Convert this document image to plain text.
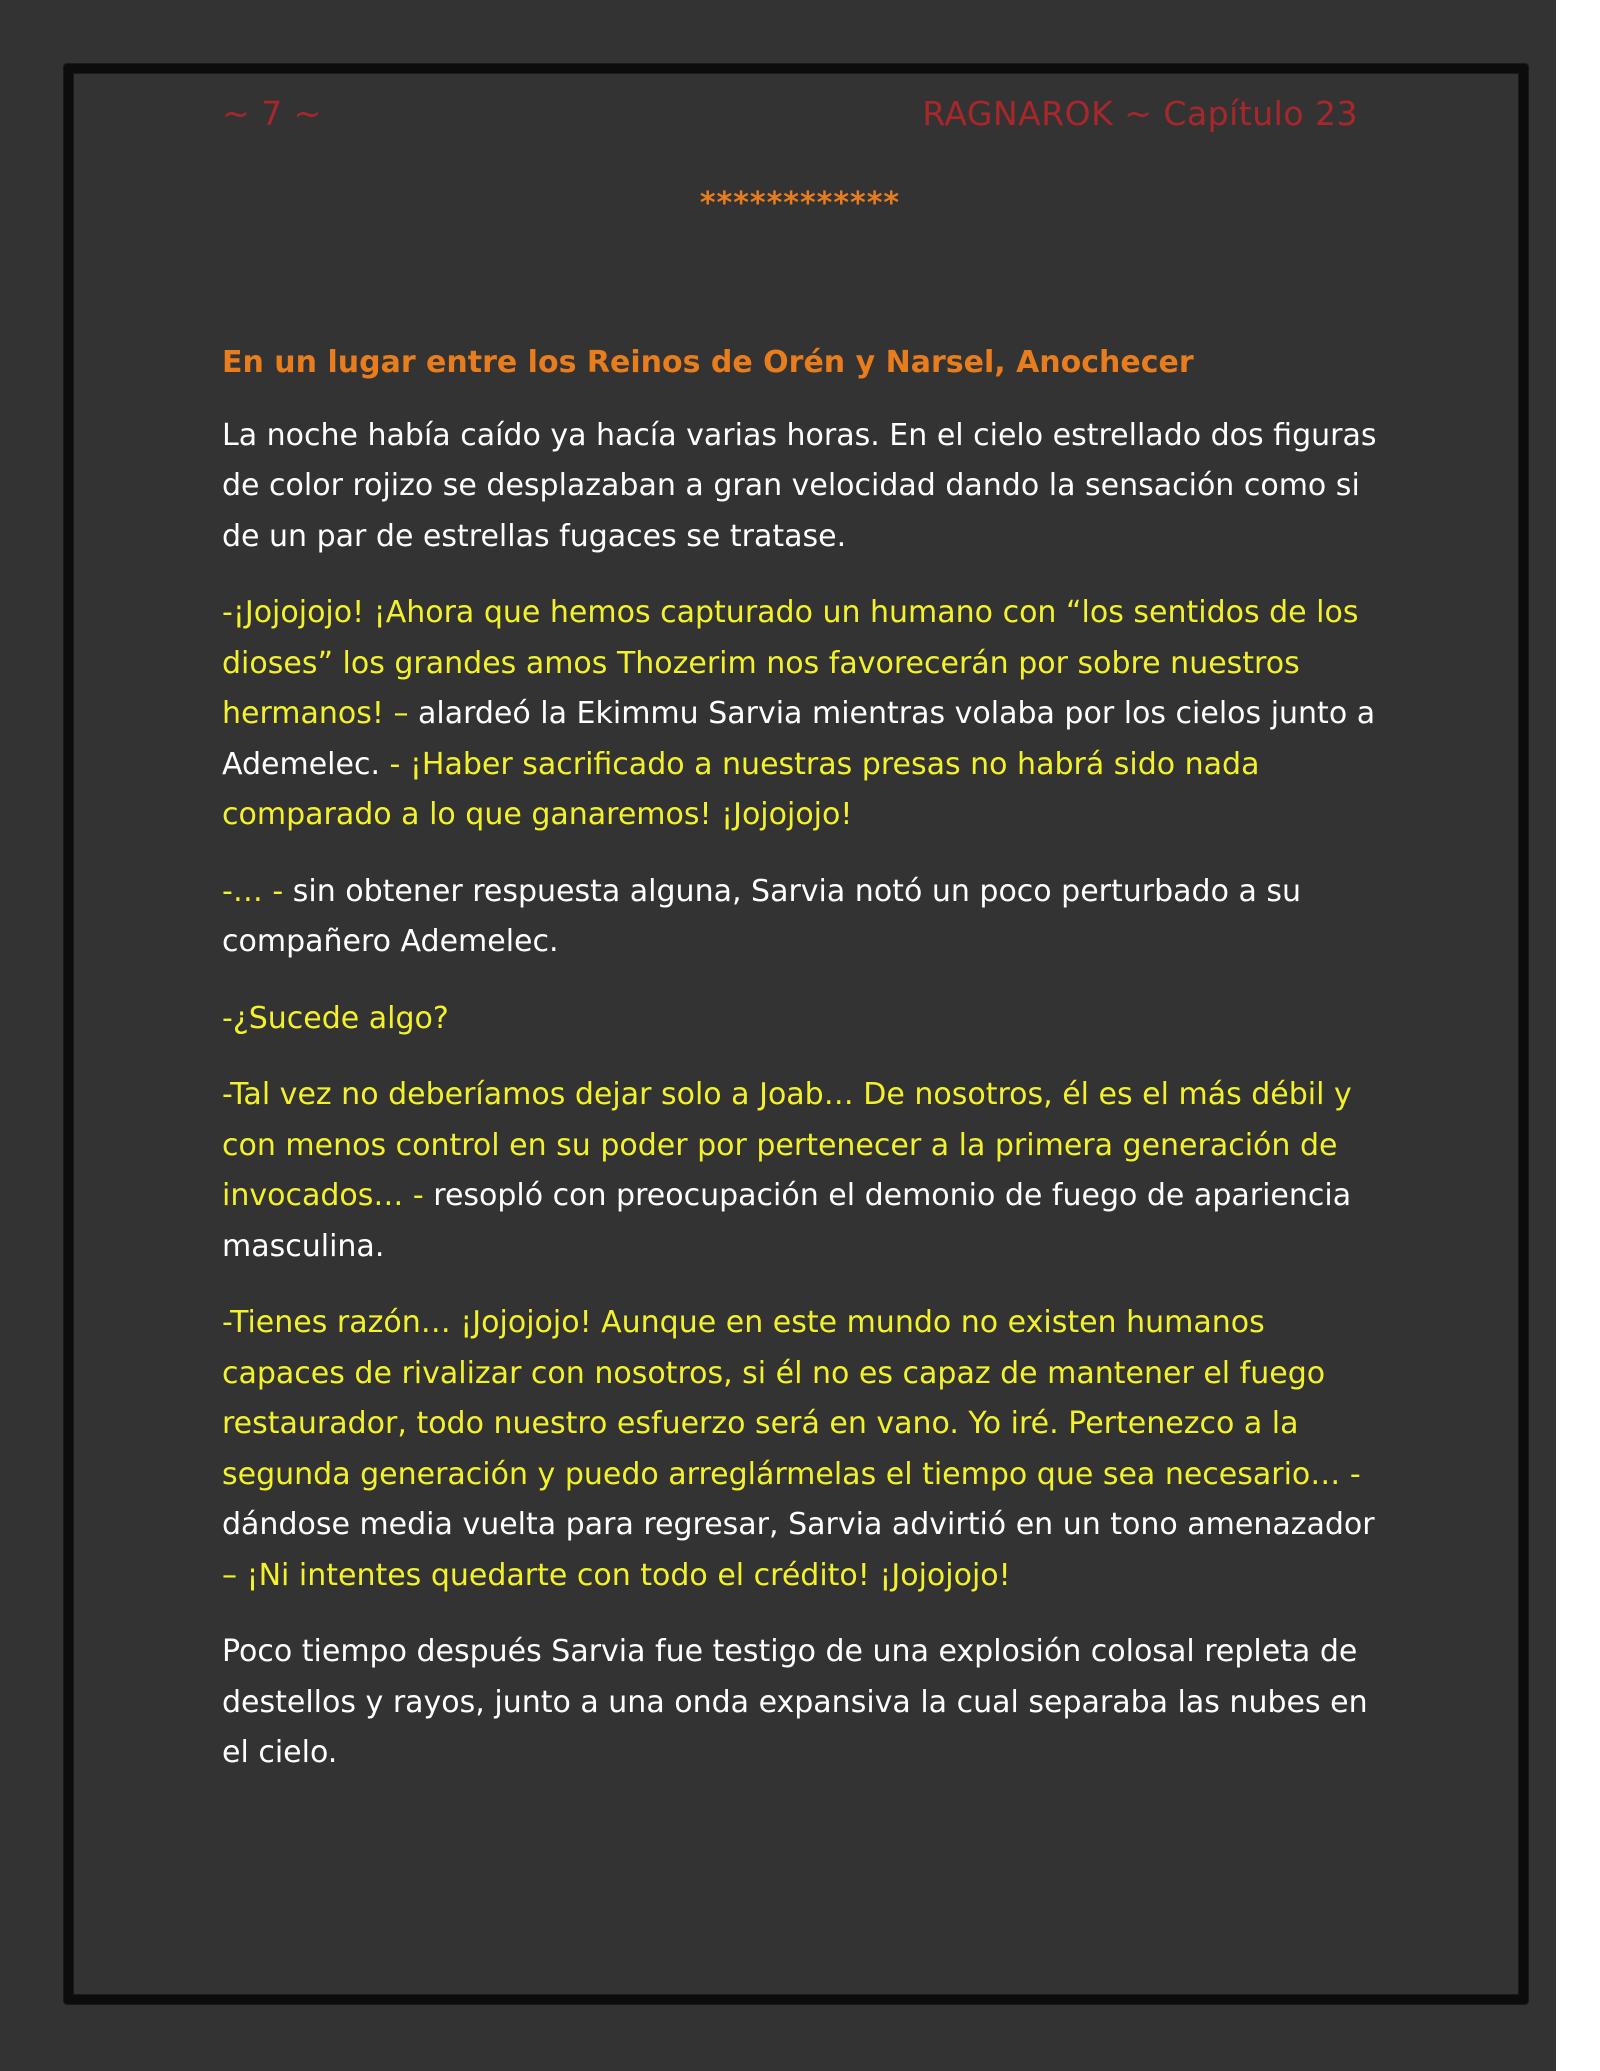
~ 7 ~	RAGNAROK ~ Capítulo 23
************

En un lugar entre los Reinos de Orén y Narsel, Anochecer

La noche había caído ya hacía varias horas. En el cielo estrellado dos figuras de color rojizo se desplazaban a gran velocidad dando la sensación como si de un par de estrellas fugaces se tratase.

-¡Jojojojo! ¡Ahora que hemos capturado un humano con “los sentidos de los dioses” los grandes amos Thozerim nos favorecerán por sobre nuestros hermanos! – alardeó la Ekimmu Sarvia mientras volaba por los cielos junto a Ademelec. - ¡Haber sacrificado a nuestras presas no habrá sido nada comparado a lo que ganaremos! ¡Jojojojo!

-… - sin obtener respuesta alguna, Sarvia notó un poco perturbado a su compañero Ademelec.

-¿Sucede algo?

-Tal vez no deberíamos dejar solo a Joab… De nosotros, él es el más débil y con menos control en su poder por pertenecer a la primera generación de invocados… - resopló con preocupación el demonio de fuego de apariencia masculina.

-Tienes razón… ¡Jojojojo! Aunque en este mundo no existen humanos capaces de rivalizar con nosotros, si él no es capaz de mantener el fuego restaurador, todo nuestro esfuerzo será en vano. Yo iré. Pertenezco a la segunda generación y puedo arreglármelas el tiempo que sea necesario… - dándose media vuelta para regresar, Sarvia advirtió en un tono amenazador – ¡Ni intentes quedarte con todo el crédito! ¡Jojojojo!

Poco tiempo después Sarvia fue testigo de una explosión colosal repleta de destellos y rayos, junto a una onda expansiva la cual separaba las nubes en el cielo.
